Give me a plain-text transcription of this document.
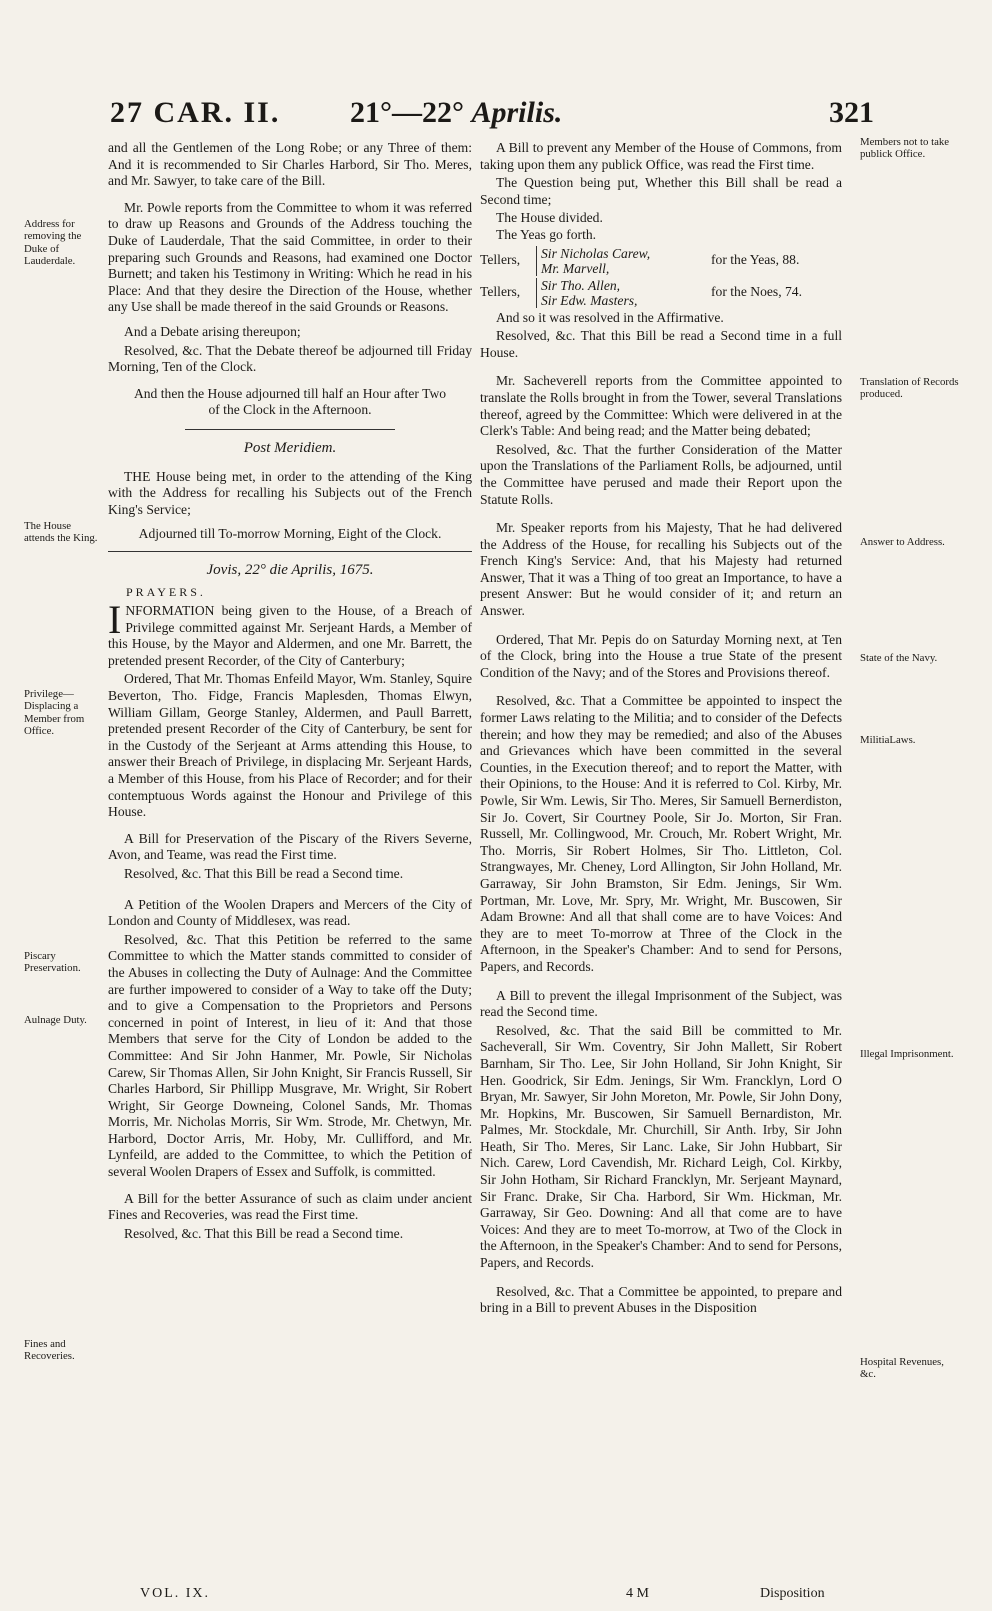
27 CAR. II. 21°—22° Aprilis.	321
Address for removing the Duke of Lauderdale.
The House attends the King.
Privilege—Displacing a Member from Office.
Piscary Preservation.
Aulnage Duty.
Fines and Recoveries.
Members not to take publick Office.
Translation of Records produced.
Answer to Address.
State of the Navy.
MilitiaLaws.
Illegal Imprisonment.
Hospital Revenues, &c.

and all the Gentlemen of the Long Robe; or any Three of them: And it is recommended to Sir Charles Harbord, Sir Tho. Meres, and Mr. Sawyer, to take care of the Bill.

Mr. Powle reports from the Committee to whom it was referred to draw up Reasons and Grounds of the Address touching the Duke of Lauderdale, That the said Committee, in order to their preparing such Grounds and Reasons, had examined one Doctor Burnett; and taken his Testimony in Writing: Which he read in his Place: And that they desire the Direction of the House, whether any Use shall be made thereof in the said Grounds or Reasons.

And a Debate arising thereupon;

Resolved, &c. That the Debate thereof be adjourned till Friday Morning, Ten of the Clock.

And then the House adjourned till half an Hour after Two of the Clock in the Afternoon.

Post Meridiem.

THE House being met, in order to the attending of the King with the Address for recalling his Subjects out of the French King's Service;

Adjourned till To-morrow Morning, Eight of the Clock.

Jovis, 22° die Aprilis, 1675.
PRAYERS.

INFORMATION being given to the House, of a Breach of Privilege committed against Mr. Serjeant Hards, a Member of this House, by the Mayor and Aldermen, and one Mr. Barrett, the pretended present Recorder, of the City of Canterbury;

Ordered, That Mr. Thomas Enfeild Mayor, Wm. Stanley, Squire Beverton, Tho. Fidge, Francis Maplesden, Thomas Elwyn, William Gillam, George Stanley, Aldermen, and Paull Barrett, pretended present Recorder of the City of Canterbury, be sent for in the Custody of the Serjeant at Arms attending this House, to answer their Breach of Privilege, in displacing Mr. Serjeant Hards, a Member of this House, from his Place of Recorder; and for their contemptuous Words against the Honour and Privilege of this House.

A Bill for Preservation of the Piscary of the Rivers Severne, Avon, and Teame, was read the First time.

Resolved, &c. That this Bill be read a Second time.

A Petition of the Woolen Drapers and Mercers of the City of London and County of Middlesex, was read.

Resolved, &c. That this Petition be referred to the same Committee to which the Matter stands committed to consider of the Abuses in collecting the Duty of Aulnage: And the Committee are further impowered to consider of a Way to take off the Duty; and to give a Compensation to the Proprietors and Persons concerned in point of Interest, in lieu of it: And that those Members that serve for the City of London be added to the Committee: And Sir John Hanmer, Mr. Powle, Sir Nicholas Carew, Sir Thomas Allen, Sir John Knight, Sir Francis Russell, Sir Charles Harbord, Sir Phillipp Musgrave, Mr. Wright, Sir Robert Wright, Sir George Downeing, Colonel Sands, Mr. Thomas Morris, Mr. Nicholas Morris, Sir Wm. Strode, Mr. Chetwyn, Mr. Harbord, Doctor Arris, Mr. Hoby, Mr. Cullifford, and Mr. Lynfeild, are added to the Committee, to which the Petition of several Woolen Drapers of Essex and Suffolk, is committed.

A Bill for the better Assurance of such as claim under ancient Fines and Recoveries, was read the First time.

Resolved, &c. That this Bill be read a Second time.

A Bill to prevent any Member of the House of Commons, from taking upon them any publick Office, was read the First time.

The Question being put, Whether this Bill shall be read a Second time;

The House divided.

The Yeas go forth.

Tellers,	Sir Nicholas Carew,
Mr. Marvell,
for the Yeas, 88.
Tellers,	Sir Tho. Allen,
Sir Edw. Masters,
for the Noes, 74.

And so it was resolved in the Affirmative.

Resolved, &c. That this Bill be read a Second time in a full House.

Mr. Sacheverell reports from the Committee appointed to translate the Rolls brought in from the Tower, several Translations thereof, agreed by the Committee: Which were delivered in at the Clerk's Table: And being read; and the Matter being debated;

Resolved, &c. That the further Consideration of the Matter upon the Translations of the Parliament Rolls, be adjourned, until the Committee have perused and made their Report upon the Statute Rolls.

Mr. Speaker reports from his Majesty, That he had delivered the Address of the House, for recalling his Subjects out of the French King's Service: And, that his Majesty had returned Answer, That it was a Thing of too great an Importance, to have a present Answer: But he would consider of it; and return an Answer.

Ordered, That Mr. Pepis do on Saturday Morning next, at Ten of the Clock, bring into the House a true State of the present Condition of the Navy; and of the Stores and Provisions thereof.

Resolved, &c. That a Committee be appointed to inspect the former Laws relating to the Militia; and to consider of the Defects therein; and how they may be remedied; and also of the Abuses and Grievances which have been committed in the several Counties, in the Execution thereof; and to report the Matter, with their Opinions, to the House: And it is referred to Col. Kirby, Mr. Powle, Sir Wm. Lewis, Sir Tho. Meres, Sir Samuell Bernerdiston, Sir Jo. Covert, Sir Courtney Poole, Sir Jo. Morton, Sir Fran. Russell, Mr. Collingwood, Mr. Crouch, Mr. Robert Wright, Mr. Tho. Morris, Sir Robert Holmes, Sir Tho. Littleton, Col. Strangwayes, Mr. Cheney, Lord Allington, Sir John Holland, Mr. Garraway, Sir John Bramston, Sir Edm. Jenings, Sir Wm. Portman, Mr. Love, Mr. Spry, Mr. Wright, Mr. Buscowen, Sir Adam Browne: And all that shall come are to have Voices: And they are to meet To-morrow at Three of the Clock in the Afternoon, in the Speaker's Chamber: And to send for Persons, Papers, and Records.

A Bill to prevent the illegal Imprisonment of the Subject, was read the Second time.

Resolved, &c. That the said Bill be committed to Mr. Sacheverall, Sir Wm. Coventry, Sir John Mallett, Sir Robert Barnham, Sir Tho. Lee, Sir John Holland, Sir John Knight, Sir Hen. Goodrick, Sir Edm. Jenings, Sir Wm. Francklyn, Lord O Bryan, Mr. Sawyer, Sir John Moreton, Mr. Powle, Sir John Dony, Mr. Hopkins, Mr. Buscowen, Sir Samuell Bernardiston, Mr. Palmes, Mr. Stockdale, Mr. Churchill, Sir Anth. Irby, Sir John Heath, Sir Tho. Meres, Sir Lanc. Lake, Sir John Hubbart, Sir Nich. Carew, Lord Cavendish, Mr. Richard Leigh, Col. Kirkby, Sir John Hotham, Sir Richard Francklyn, Mr. Serjeant Maynard, Sir Franc. Drake, Sir Cha. Harbord, Sir Wm. Hickman, Mr. Garraway, Sir Geo. Downing: And all that come are to have Voices: And they are to meet To-morrow, at Two of the Clock in the Afternoon, in the Speaker's Chamber: And to send for Persons, Papers, and Records.

Resolved, &c. That a Committee be appointed, to prepare and bring in a Bill to prevent Abuses in the Disposition

VOL. IX.	4 M	Disposition
